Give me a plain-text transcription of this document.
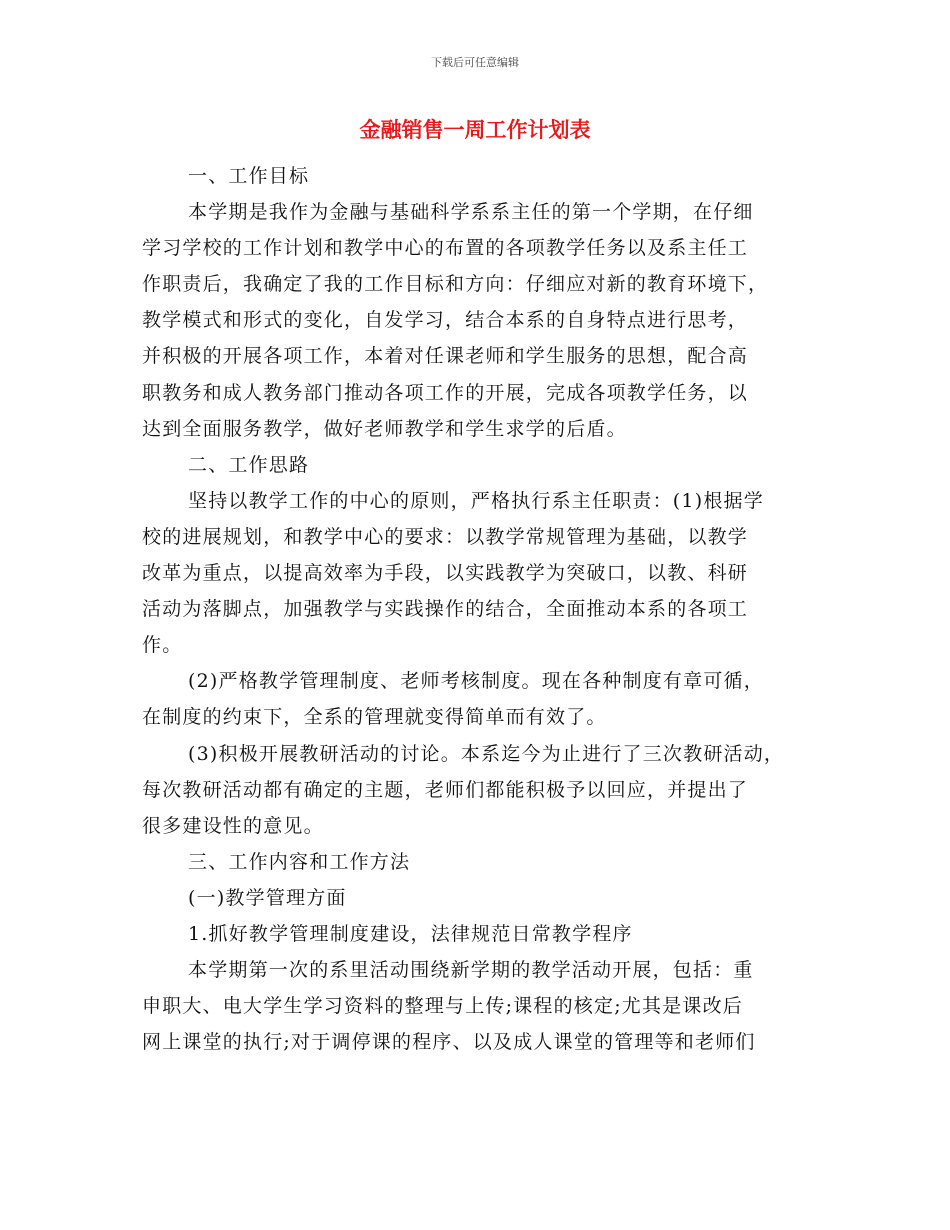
下载后可任意编辑
金融销售一周工作计划表
一、工作目标
本学期是我作为金融与基础科学系系主任的第一个学期，在仔细
学习学校的工作计划和教学中心的布置的各项教学任务以及系主任工
作职责后，我确定了我的工作目标和方向：仔细应对新的教育环境下，
教学模式和形式的变化，自发学习，结合本系的自身特点进行思考，
并积极的开展各项工作，本着对任课老师和学生服务的思想，配合高
职教务和成人教务部门推动各项工作的开展，完成各项教学任务，以
达到全面服务教学，做好老师教学和学生求学的后盾。
二、工作思路
坚持以教学工作的中心的原则，严格执行系主任职责：(1)根据学
校的进展规划，和教学中心的要求：以教学常规管理为基础，以教学
改革为重点，以提高效率为手段，以实践教学为突破口，以教、科研
活动为落脚点，加强教学与实践操作的结合，全面推动本系的各项工
作。
(2)严格教学管理制度、老师考核制度。现在各种制度有章可循，
在制度的约束下，全系的管理就变得简单而有效了。
(3)积极开展教研活动的讨论。本系迄今为止进行了三次教研活动，
每次教研活动都有确定的主题，老师们都能积极予以回应，并提出了
很多建设性的意见。
三、工作内容和工作方法
(一)教学管理方面
1.抓好教学管理制度建设，法律规范日常教学程序
本学期第一次的系里活动围绕新学期的教学活动开展，包括：重
申职大、电大学生学习资料的整理与上传;课程的核定;尤其是课改后
网上课堂的执行;对于调停课的程序、以及成人课堂的管理等和老师们
